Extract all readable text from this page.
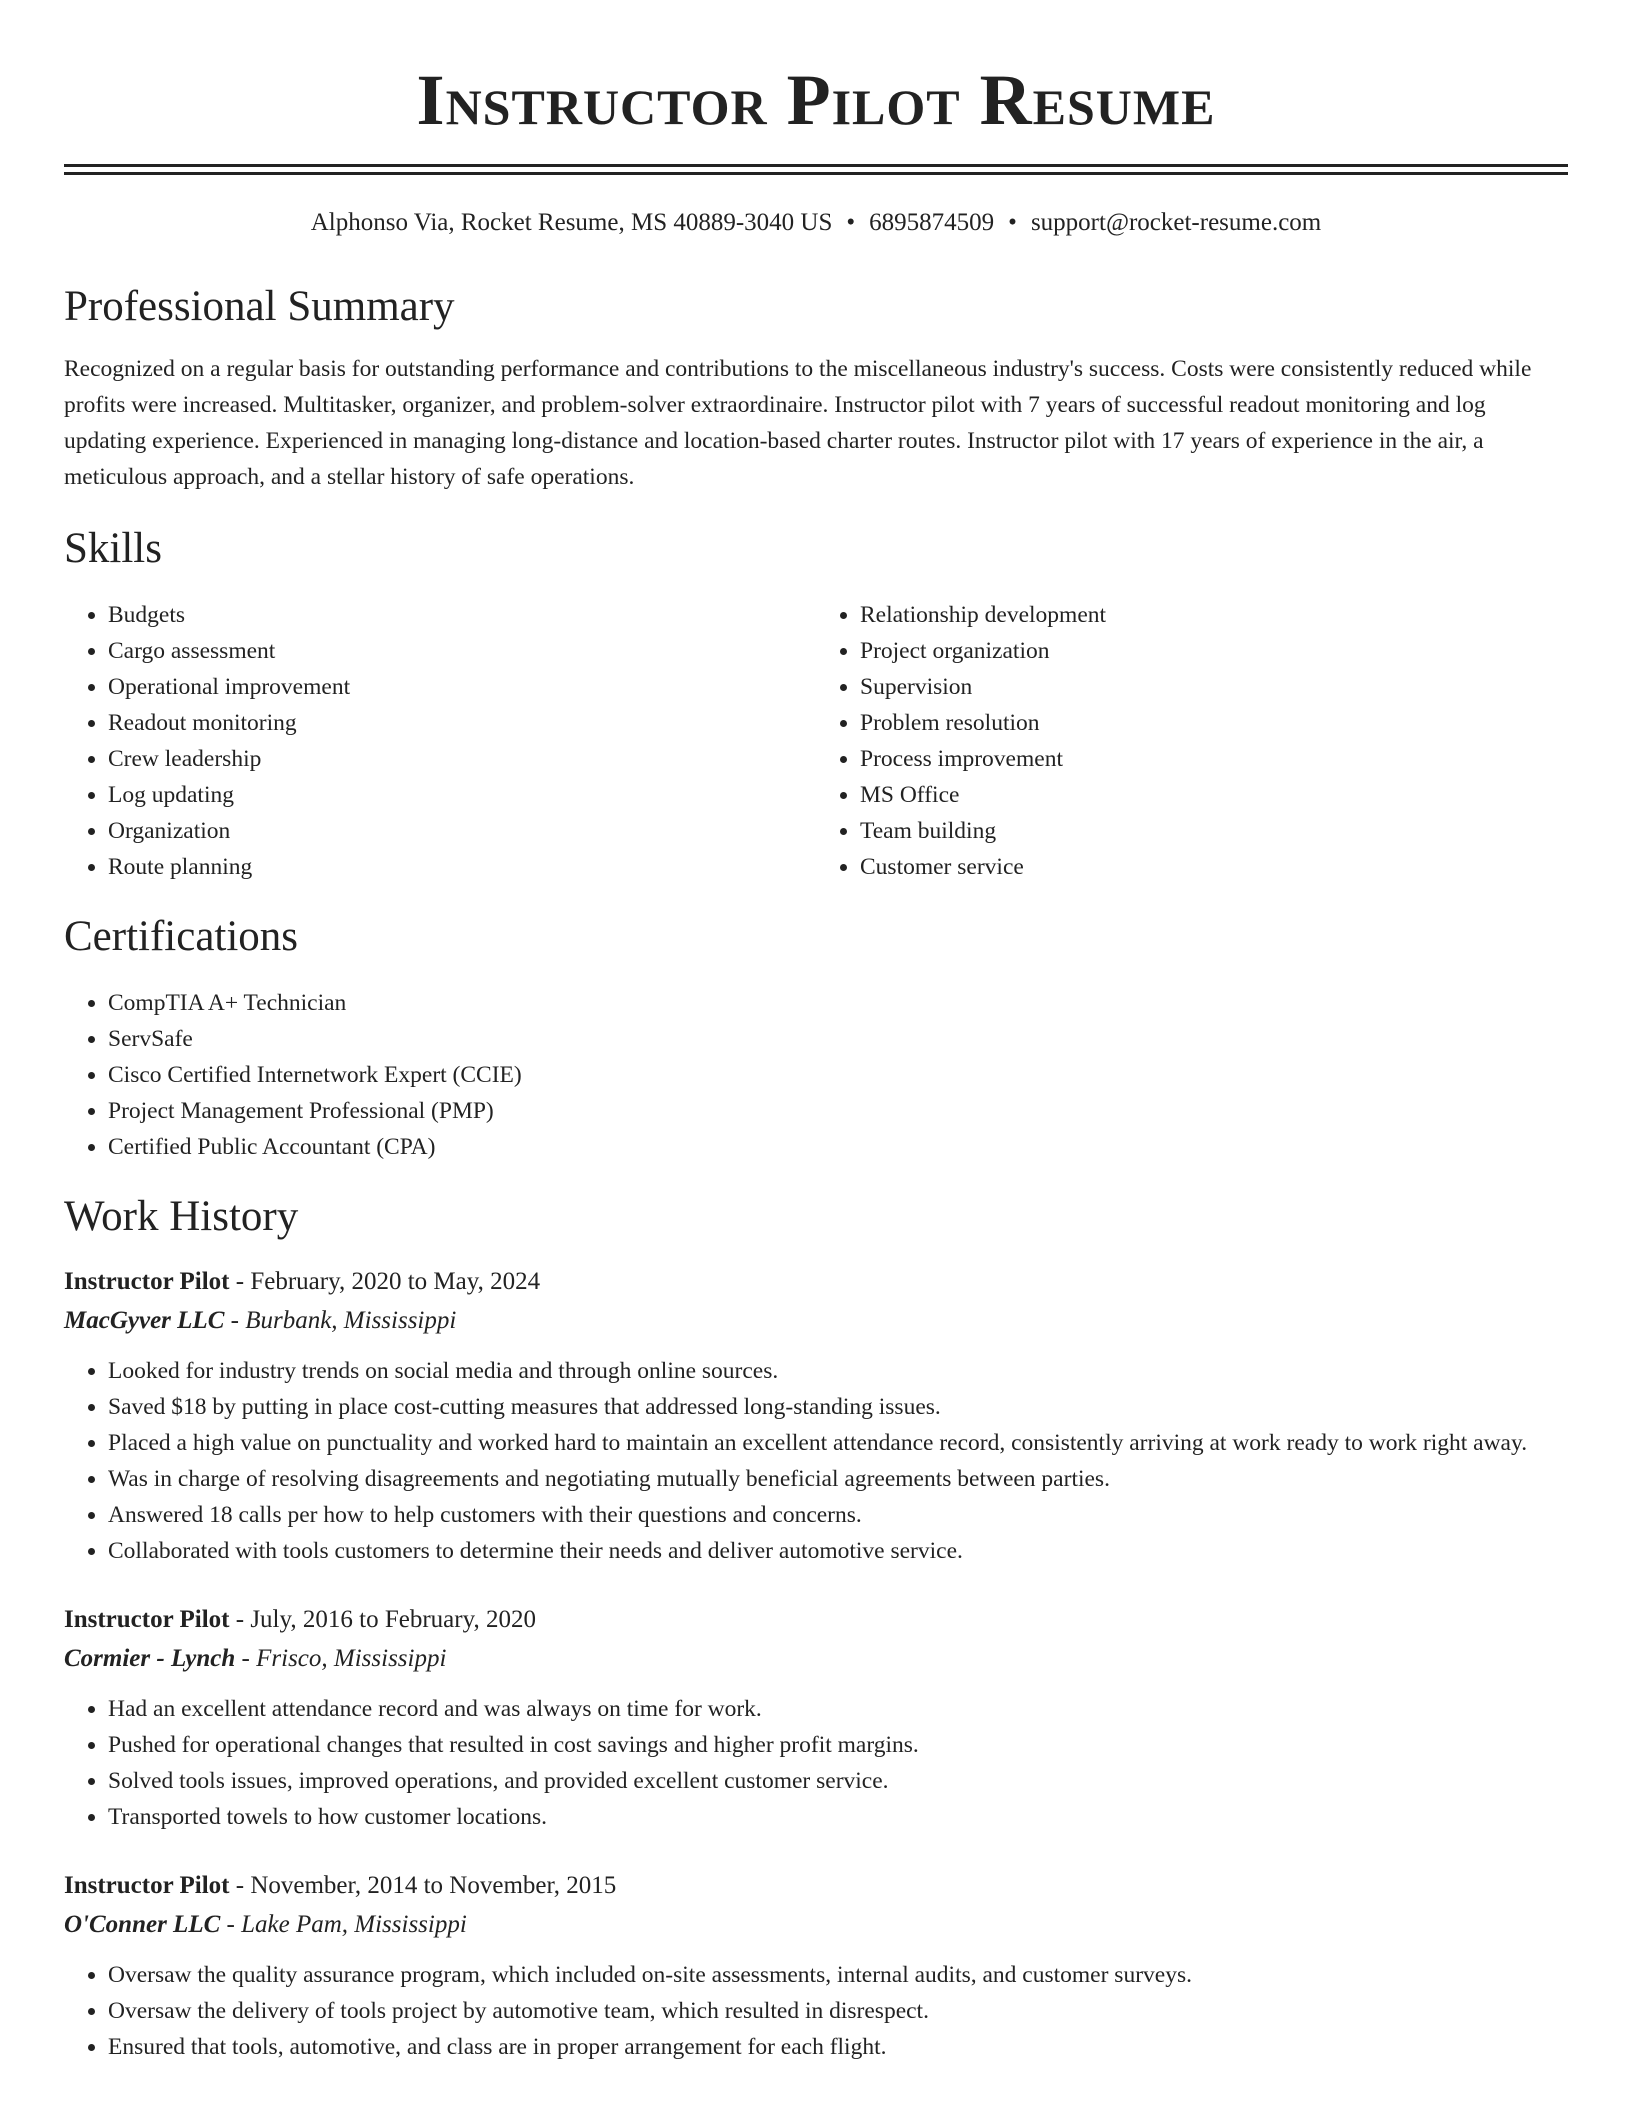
Instructor Pilot Resume
Alphonso Via, Rocket Resume, MS 40889-3040 US • 6895874509 • support@rocket-resume.com
Professional Summary

Recognized on a regular basis for outstanding performance and contributions to the miscellaneous industry's success. Costs were consistently reduced while profits were increased. Multitasker, organizer, and problem-solver extraordinaire. Instructor pilot with 7 years of successful readout monitoring and log updating experience. Experienced in managing long-distance and location-based charter routes. Instructor pilot with 17 years of experience in the air, a meticulous approach, and a stellar history of safe operations.

Skills
• Budgets
• Cargo assessment
• Operational improvement
• Readout monitoring
• Crew leadership
• Log updating
• Organization
• Route planning
• Relationship development
• Project organization
• Supervision
• Problem resolution
• Process improvement
• MS Office
• Team building
• Customer service
Certifications
• CompTIA A+ Technician
• ServSafe
• Cisco Certified Internetwork Expert (CCIE)
• Project Management Professional (PMP)
• Certified Public Accountant (CPA)
Work History
Instructor Pilot - February, 2020 to May, 2024
MacGyver LLC - Burbank, Mississippi
• Looked for industry trends on social media and through online sources.
• Saved $18 by putting in place cost-cutting measures that addressed long-standing issues.
• Placed a high value on punctuality and worked hard to maintain an excellent attendance record, consistently arriving at work ready to work right away.
• Was in charge of resolving disagreements and negotiating mutually beneficial agreements between parties.
• Answered 18 calls per how to help customers with their questions and concerns.
• Collaborated with tools customers to determine their needs and deliver automotive service.
Instructor Pilot - July, 2016 to February, 2020
Cormier - Lynch - Frisco, Mississippi
• Had an excellent attendance record and was always on time for work.
• Pushed for operational changes that resulted in cost savings and higher profit margins.
• Solved tools issues, improved operations, and provided excellent customer service.
• Transported towels to how customer locations.
Instructor Pilot - November, 2014 to November, 2015
O'Conner LLC - Lake Pam, Mississippi
• Oversaw the quality assurance program, which included on-site assessments, internal audits, and customer surveys.
• Oversaw the delivery of tools project by automotive team, which resulted in disrespect.
• Ensured that tools, automotive, and class are in proper arrangement for each flight.
